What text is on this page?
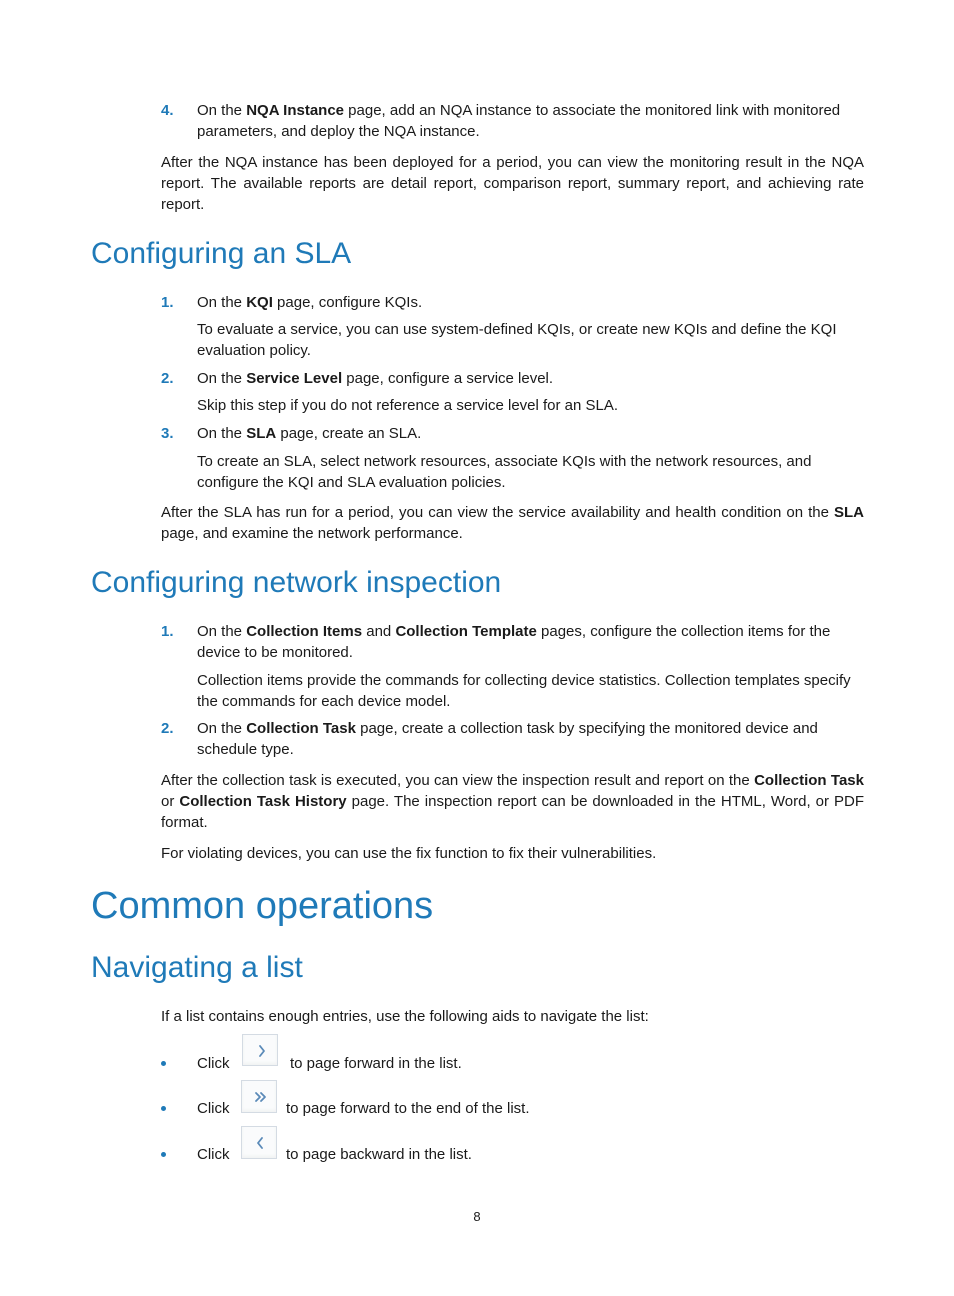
4. On the NQA Instance page, add an NQA instance to associate the monitored link with monitored parameters, and deploy the NQA instance.
After the NQA instance has been deployed for a period, you can view the monitoring result in the NQA report. The available reports are detail report, comparison report, summary report, and achieving rate report.
Configuring an SLA
1. On the KQI page, configure KQIs.
To evaluate a service, you can use system-defined KQIs, or create new KQIs and define the KQI evaluation policy.
2. On the Service Level page, configure a service level.
Skip this step if you do not reference a service level for an SLA.
3. On the SLA page, create an SLA.
To create an SLA, select network resources, associate KQIs with the network resources, and configure the KQI and SLA evaluation policies.
After the SLA has run for a period, you can view the service availability and health condition on the SLA page, and examine the network performance.
Configuring network inspection
1. On the Collection Items and Collection Template pages, configure the collection items for the device to be monitored.
Collection items provide the commands for collecting device statistics. Collection templates specify the commands for each device model.
2. On the Collection Task page, create a collection task by specifying the monitored device and schedule type.
After the collection task is executed, you can view the inspection result and report on the Collection Task or Collection Task History page. The inspection report can be downloaded in the HTML, Word, or PDF format.
For violating devices, you can use the fix function to fix their vulnerabilities.
Common operations
Navigating a list
If a list contains enough entries, use the following aids to navigate the list:
Click	to page forward in the list.
Click	to page forward to the end of the list.
Click	to page backward in the list.
8
